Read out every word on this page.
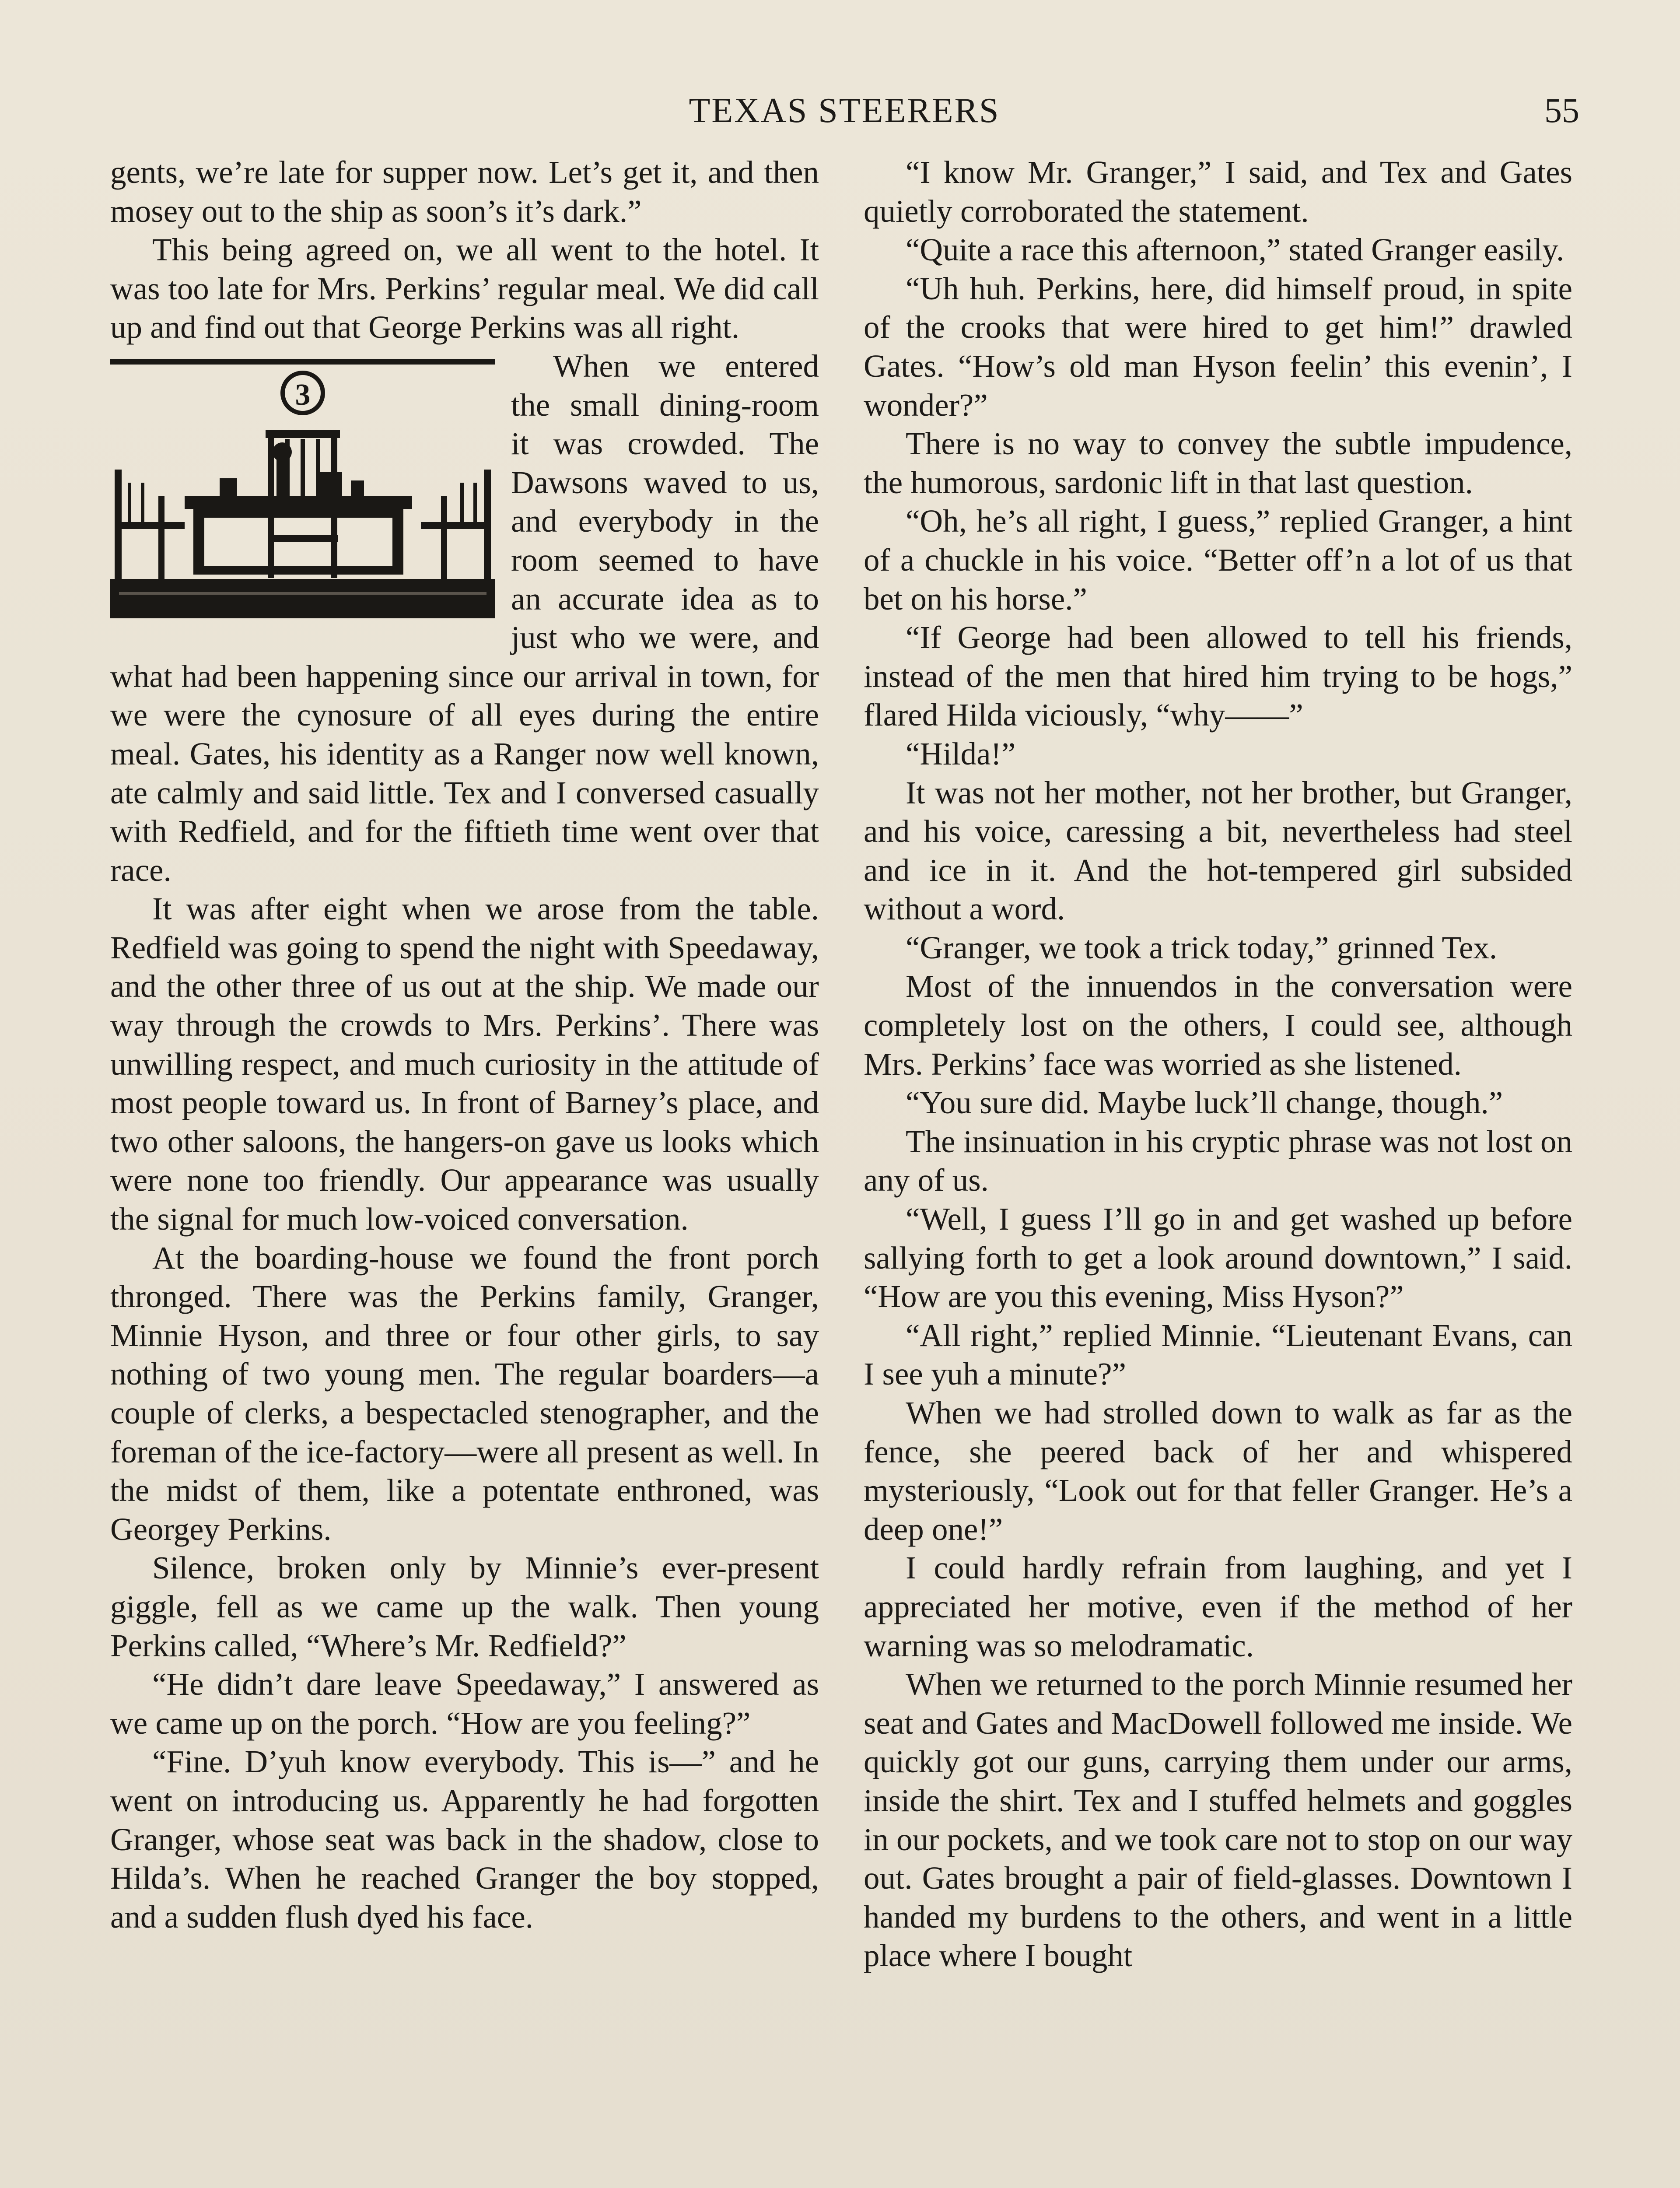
TEXAS STEERERS	55

gents, we’re late for supper now. Let’s get it, and then mosey out to the ship as soon’s it’s dark.”

This being agreed on, we all went to the hotel. It was too late for Mrs. Perkins’ regular meal. We did call up and find out that George Perkins was all right.

3

When we entered the small dining-room it was crowded. The Dawsons waved to us, and everybody in the room seemed to have an accurate idea as to just who we were, and what had been happening since our arrival in town, for we were the cynosure of all eyes during the entire meal. Gates, his identity as a Ranger now well known, ate calmly and said little. Tex and I conversed casually with Redfield, and for the fiftieth time went over that race.

It was after eight when we arose from the table. Redfield was going to spend the night with Speedaway, and the other three of us out at the ship. We made our way through the crowds to Mrs. Perkins’. There was unwilling respect, and much curiosity in the attitude of most people toward us. In front of Barney’s place, and two other saloons, the hangers-on gave us looks which were none too friendly. Our appearance was usually the signal for much low-voiced conversation.

At the boarding-house we found the front porch thronged. There was the Perkins family, Granger, Minnie Hyson, and three or four other girls, to say nothing of two young men. The regular boarders—a couple of clerks, a bespectacled stenographer, and the foreman of the ice-factory—were all present as well. In the midst of them, like a potentate enthroned, was Georgey Perkins.

Silence, broken only by Minnie’s ever-present giggle, fell as we came up the walk. Then young Perkins called, “Where’s Mr. Redfield?”

“He didn’t dare leave Speedaway,” I answered as we came up on the porch. “How are you feeling?”

“Fine. D’yuh know everybody. This is—” and he went on introducing us. Apparently he had forgotten Granger, whose seat was back in the shadow, close to Hilda’s. When he reached Granger the boy stopped, and a sudden flush dyed his face.

“I know Mr. Granger,” I said, and Tex and Gates quietly corroborated the statement.

“Quite a race this afternoon,” stated Granger easily.

“Uh huh. Perkins, here, did himself proud, in spite of the crooks that were hired to get him!” drawled Gates. “How’s old man Hyson feelin’ this evenin’, I wonder?”

There is no way to convey the subtle impudence, the humorous, sardonic lift in that last question.

“Oh, he’s all right, I guess,” replied Granger, a hint of a chuckle in his voice. “Better off’n a lot of us that bet on his horse.”

“If George had been allowed to tell his friends, instead of the men that hired him trying to be hogs,” flared Hilda viciously, “why——”

“Hilda!”

It was not her mother, not her brother, but Granger, and his voice, caressing a bit, nevertheless had steel and ice in it. And the hot-tempered girl subsided without a word.

“Granger, we took a trick today,” grinned Tex.

Most of the innuendos in the conversation were completely lost on the others, I could see, although Mrs. Perkins’ face was worried as she listened.

“You sure did. Maybe luck’ll change, though.”

The insinuation in his cryptic phrase was not lost on any of us.

“Well, I guess I’ll go in and get washed up before sallying forth to get a look around downtown,” I said. “How are you this evening, Miss Hyson?”

“All right,” replied Minnie. “Lieutenant Evans, can I see yuh a minute?”

When we had strolled down to walk as far as the fence, she peered back of her and whispered mysteriously, “Look out for that feller Granger. He’s a deep one!”

I could hardly refrain from laughing, and yet I appreciated her motive, even if the method of her warning was so melodramatic.

When we returned to the porch Minnie resumed her seat and Gates and MacDowell followed me inside. We quickly got our guns, carrying them under our arms, inside the shirt. Tex and I stuffed helmets and goggles in our pockets, and we took care not to stop on our way out. Gates brought a pair of field-glasses. Downtown I handed my burdens to the others, and went in a little place where I bought
